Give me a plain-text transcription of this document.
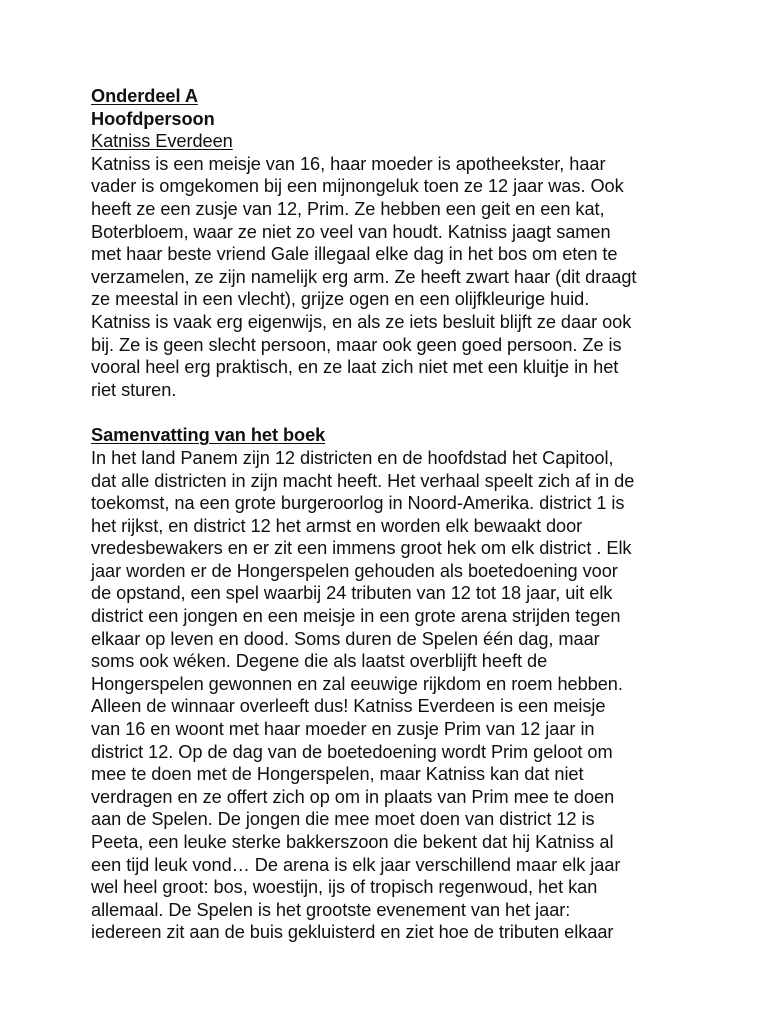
Onderdeel A
Hoofdpersoon
Katniss Everdeen
Katniss is een meisje van 16, haar moeder is apotheekster, haar
vader is omgekomen bij een mijnongeluk toen ze 12 jaar was. Ook
heeft ze een zusje van 12, Prim. Ze hebben een geit en een kat,
Boterbloem, waar ze niet zo veel van houdt. Katniss jaagt samen
met haar beste vriend Gale illegaal elke dag in het bos om eten te
verzamelen, ze zijn namelijk erg arm. Ze heeft zwart haar (dit draagt
ze meestal in een vlecht), grijze ogen en een olijfkleurige huid.
Katniss is vaak erg eigenwijs, en als ze iets besluit blijft ze daar ook
bij. Ze is geen slecht persoon, maar ook geen goed persoon. Ze is
vooral heel erg praktisch, en ze laat zich niet met een kluitje in het
riet sturen.
Samenvatting van het boek
In het land Panem zijn 12 districten en de hoofdstad het Capitool,
dat alle districten in zijn macht heeft. Het verhaal speelt zich af in de
toekomst, na een grote burgeroorlog in Noord-Amerika. district 1 is
het rijkst, en district 12 het armst en worden elk bewaakt door
vredesbewakers en er zit een immens groot hek om elk district . Elk
jaar worden er de Hongerspelen gehouden als boetedoening voor
de opstand, een spel waarbij 24 tributen van 12 tot 18 jaar, uit elk
district een jongen en een meisje in een grote arena strijden tegen
elkaar op leven en dood. Soms duren de Spelen één dag, maar
soms ook wéken. Degene die als laatst overblijft heeft de
Hongerspelen gewonnen en zal eeuwige rijkdom en roem hebben.
Alleen de winnaar overleeft dus! Katniss Everdeen is een meisje
van 16 en woont met haar moeder en zusje Prim van 12 jaar in
district 12. Op de dag van de boetedoening wordt Prim geloot om
mee te doen met de Hongerspelen, maar Katniss kan dat niet
verdragen en ze offert zich op om in plaats van Prim mee te doen
aan de Spelen. De jongen die mee moet doen van district 12 is
Peeta, een leuke sterke bakkerszoon die bekent dat hij Katniss al
een tijd leuk vond… De arena is elk jaar verschillend maar elk jaar
wel heel groot: bos, woestijn, ijs of tropisch regenwoud, het kan
allemaal. De Spelen is het grootste evenement van het jaar:
iedereen zit aan de buis gekluisterd en ziet hoe de tributen elkaar
